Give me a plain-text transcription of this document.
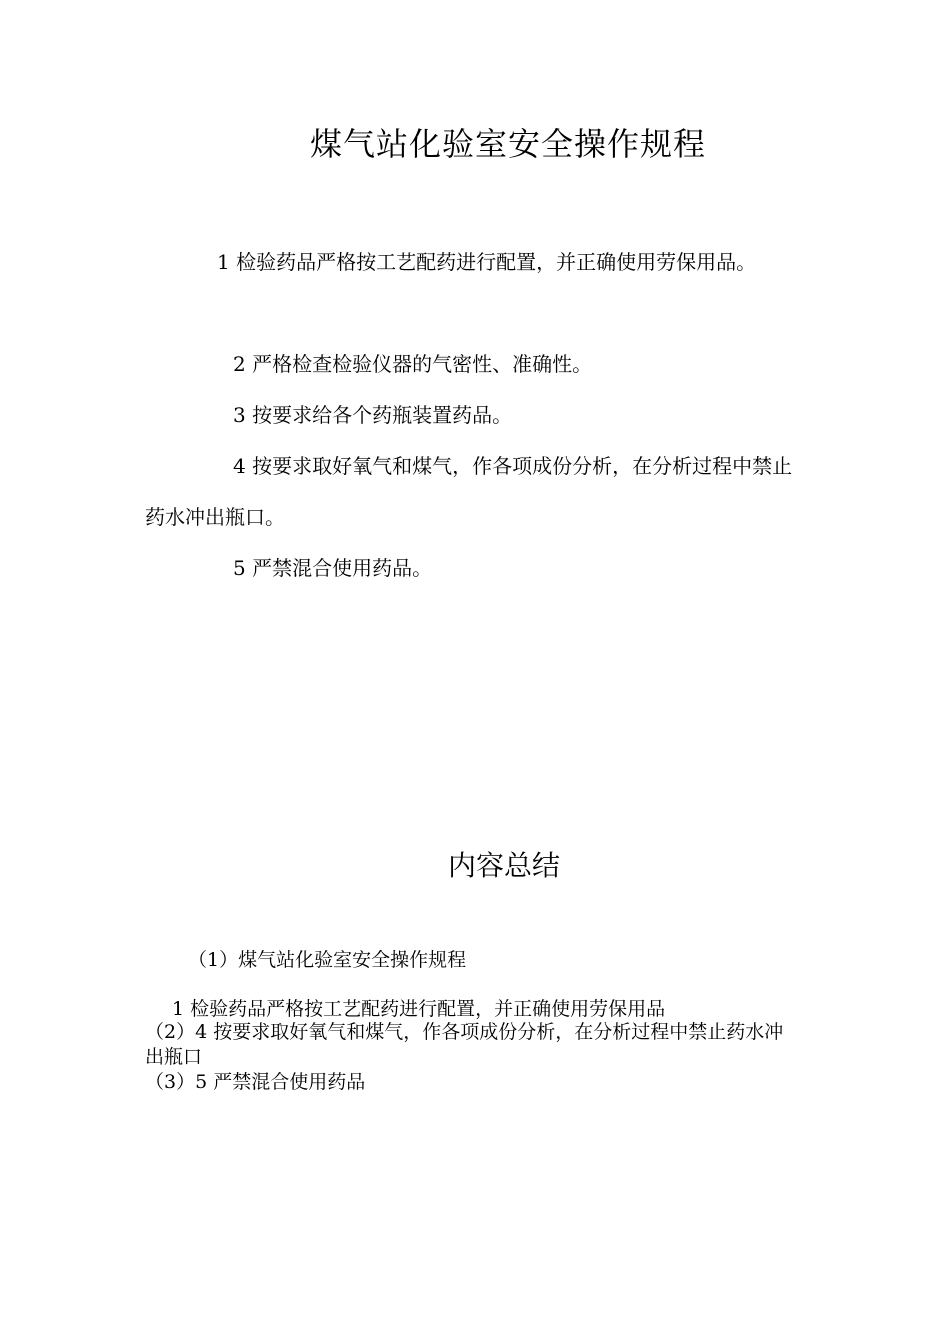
煤气站化验室安全操作规程

1 检验药品严格按工艺配药进行配置，并正确使用劳保用品。

2 严格检查检验仪器的气密性、准确性。

3 按要求给各个药瓶装置药品。

4 按要求取好氧气和煤气，作各项成份分析，在分析过程中禁止药水冲出瓶口。

5 严禁混合使用药品。

内容总结

（1）煤气站化验室安全操作规程

1 检验药品严格按工艺配药进行配置，并正确使用劳保用品

（2）4 按要求取好氧气和煤气，作各项成份分析，在分析过程中禁止药水冲出瓶口

（3）5 严禁混合使用药品
